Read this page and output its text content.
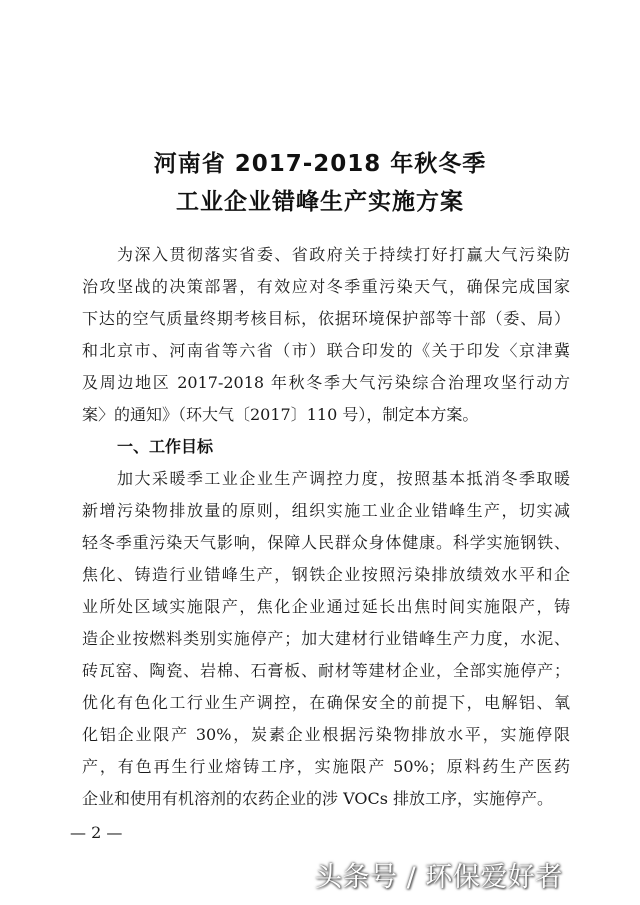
河南省 2017-2018 年秋冬季
工业企业错峰生产实施方案
为深入贯彻落实省委、省政府关于持续打好打赢大气污染防
治攻坚战的决策部署，有效应对冬季重污染天气，确保完成国家
下达的空气质量终期考核目标，依据环境保护部等十部（委、局）
和北京市、河南省等六省（市）联合印发的《关于印发〈京津冀
及周边地区 2017-2018 年秋冬季大气污染综合治理攻坚行动方
案〉的通知》（环大气〔2017〕110 号），制定本方案。
一、工作目标
加大采暖季工业企业生产调控力度，按照基本抵消冬季取暖
新增污染物排放量的原则，组织实施工业企业错峰生产，切实减
轻冬季重污染天气影响，保障人民群众身体健康。科学实施钢铁、
焦化、铸造行业错峰生产，钢铁企业按照污染排放绩效水平和企
业所处区域实施限产，焦化企业通过延长出焦时间实施限产，铸
造企业按燃料类别实施停产；加大建材行业错峰生产力度，水泥、
砖瓦窑、陶瓷、岩棉、石膏板、耐材等建材企业，全部实施停产；
优化有色化工行业生产调控，在确保安全的前提下，电解铝、氧
化铝企业限产 30%，炭素企业根据污染物排放水平，实施停限
产，有色再生行业熔铸工序，实施限产 50%；原料药生产医药
企业和使用有机溶剂的农药企业的涉 VOCs 排放工序，实施停产。
— 2 —
头条号 / 环保爱好者
